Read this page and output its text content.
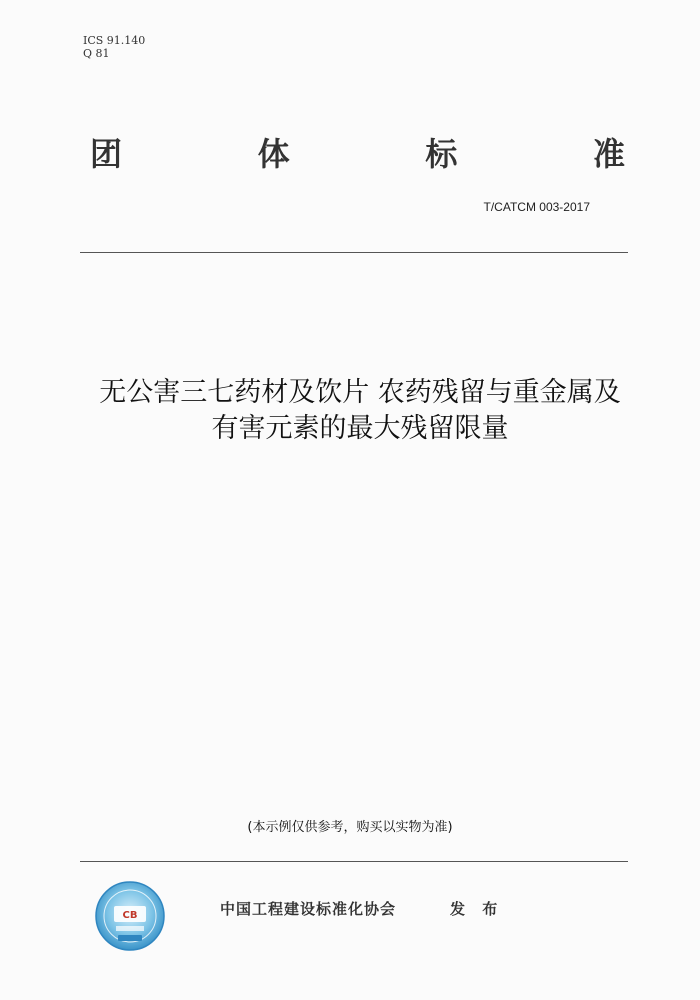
ICS 91.140
Q 81
团	体	标	准
T/CATCM 003-2017
无公害三七药材及饮片 农药残留与重金属及
有害元素的最大残留限量
(本示例仅供参考，购买以实物为准)
CB	中国工程建设标准化协会	发 布
